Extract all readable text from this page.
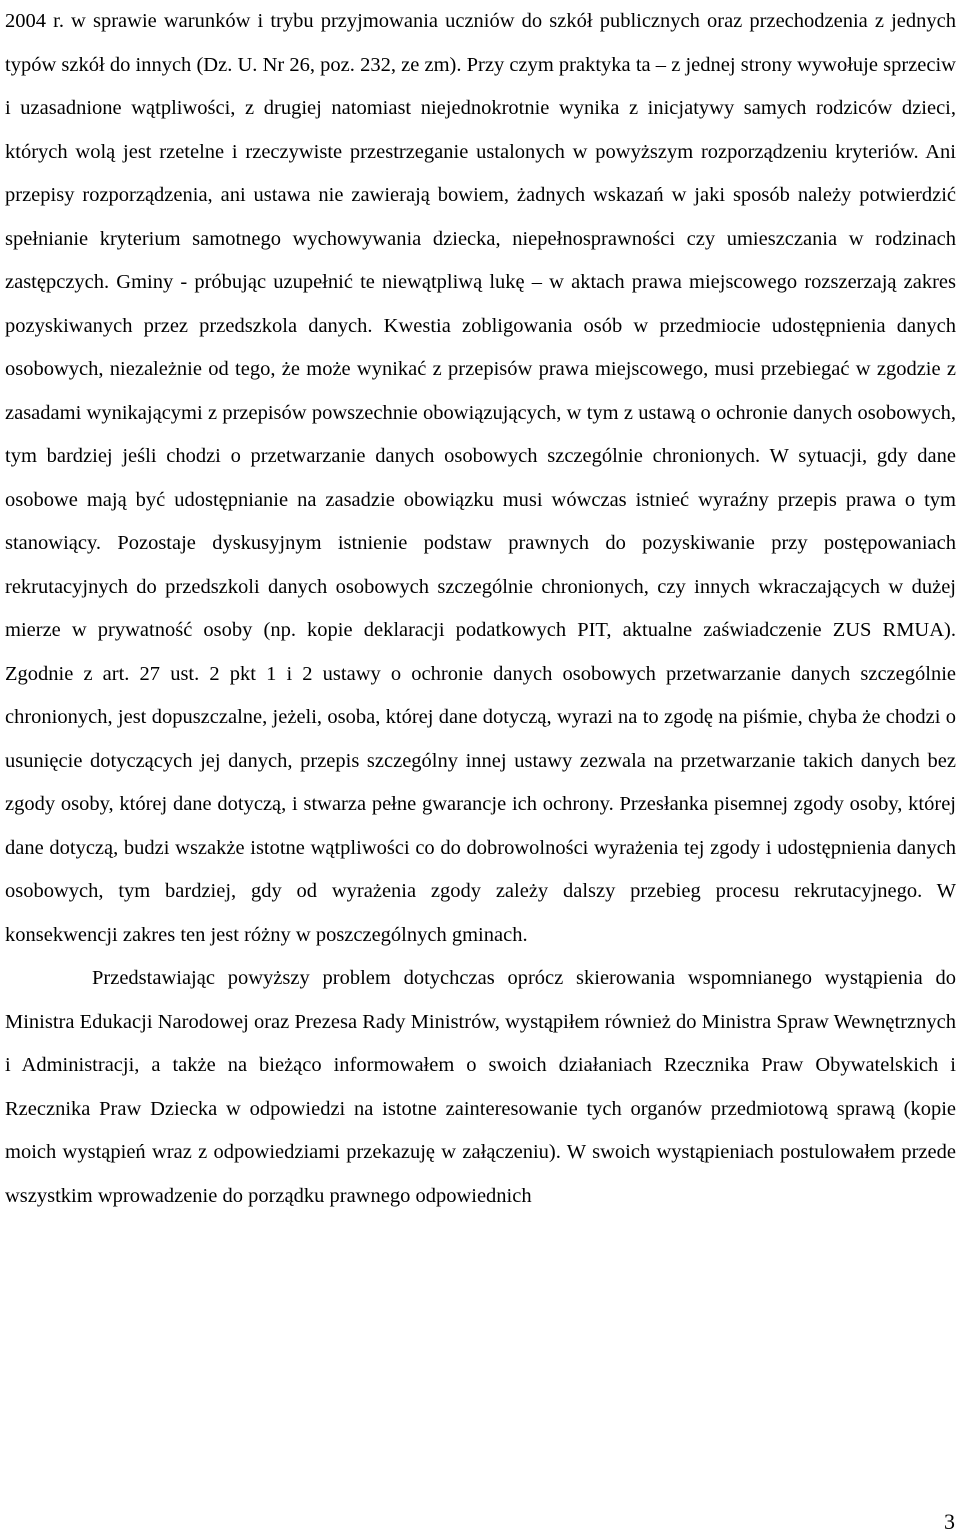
2004 r. w sprawie warunków i trybu przyjmowania uczniów do szkół publicznych oraz przechodzenia z jednych typów szkół do innych (Dz. U. Nr 26, poz. 232, ze zm). Przy czym praktyka ta – z jednej strony wywołuje sprzeciw i uzasadnione wątpliwości, z drugiej natomiast niejednokrotnie wynika z inicjatywy samych rodziców dzieci, których wolą jest rzetelne i rzeczywiste przestrzeganie ustalonych w powyższym rozporządzeniu kryteriów. Ani przepisy rozporządzenia, ani ustawa nie zawierają bowiem, żadnych wskazań w jaki sposób należy potwierdzić spełnianie kryterium samotnego wychowywania dziecka, niepełnosprawności czy umieszczania w rodzinach zastępczych. Gminy - próbując uzupełnić te niewątpliwą lukę – w aktach prawa miejscowego rozszerzają zakres pozyskiwanych przez przedszkola danych. Kwestia zobligowania osób w przedmiocie udostępnienia danych osobowych, niezależnie od tego, że może wynikać z przepisów prawa miejscowego, musi przebiegać w zgodzie z zasadami wynikającymi z przepisów powszechnie obowiązujących, w tym z ustawą o ochronie danych osobowych, tym bardziej jeśli chodzi o przetwarzanie danych osobowych szczególnie chronionych. W sytuacji, gdy dane osobowe mają być udostępnianie na zasadzie obowiązku musi wówczas istnieć wyraźny przepis prawa o tym stanowiący. Pozostaje dyskusyjnym istnienie podstaw prawnych do pozyskiwanie przy postępowaniach rekrutacyjnych do przedszkoli danych osobowych szczególnie chronionych, czy innych wkraczających w dużej mierze w prywatność osoby (np. kopie deklaracji podatkowych PIT, aktualne zaświadczenie ZUS RMUA). Zgodnie z art. 27 ust. 2 pkt 1 i 2 ustawy o ochronie danych osobowych przetwarzanie danych szczególnie chronionych, jest dopuszczalne, jeżeli, osoba, której dane dotyczą, wyrazi na to zgodę na piśmie, chyba że chodzi o usunięcie dotyczących jej danych, przepis szczególny innej ustawy zezwala na przetwarzanie takich danych bez zgody osoby, której dane dotyczą, i stwarza pełne gwarancje ich ochrony. Przesłanka pisemnej zgody osoby, której dane dotyczą, budzi wszakże istotne wątpliwości co do dobrowolności wyrażenia tej zgody i udostępnienia danych osobowych, tym bardziej, gdy od wyrażenia zgody zależy dalszy przebieg procesu rekrutacyjnego. W konsekwencji zakres ten jest różny w poszczególnych gminach.

Przedstawiając powyższy problem dotychczas oprócz skierowania wspomnianego wystąpienia do Ministra Edukacji Narodowej oraz Prezesa Rady Ministrów, wystąpiłem również do Ministra Spraw Wewnętrznych i Administracji, a także na bieżąco informowałem o swoich działaniach Rzecznika Praw Obywatelskich i Rzecznika Praw Dziecka w odpowiedzi na istotne zainteresowanie tych organów przedmiotową sprawą (kopie moich wystąpień wraz z odpowiedziami przekazuję w załączeniu). W swoich wystąpieniach postulowałem przede wszystkim wprowadzenie do porządku prawnego odpowiednich

3
